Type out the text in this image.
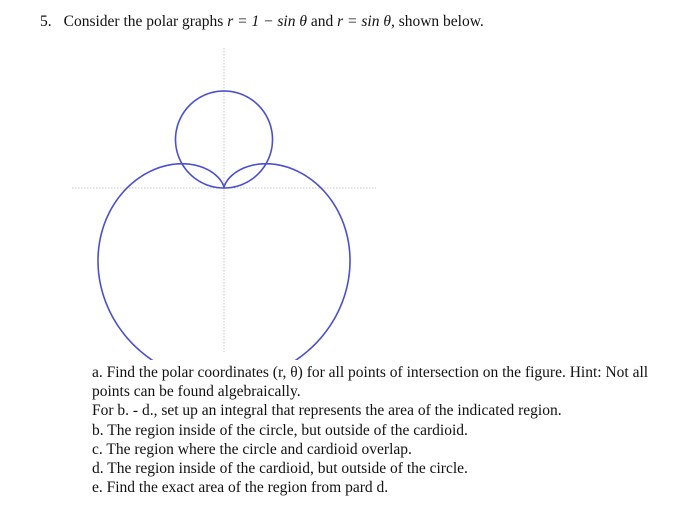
5. Consider the polar graphs r = 1 − sin θ and r = sin θ, shown below.

a. Find the polar coordinates (r, θ) for all points of intersection on the figure. Hint: Not all points can be found algebraically.

For b. - d., set up an integral that represents the area of the indicated region.

b. The region inside of the circle, but outside of the cardioid.

c. The region where the circle and cardioid overlap.

d. The region inside of the cardioid, but outside of the circle.

e. Find the exact area of the region from pard d.
